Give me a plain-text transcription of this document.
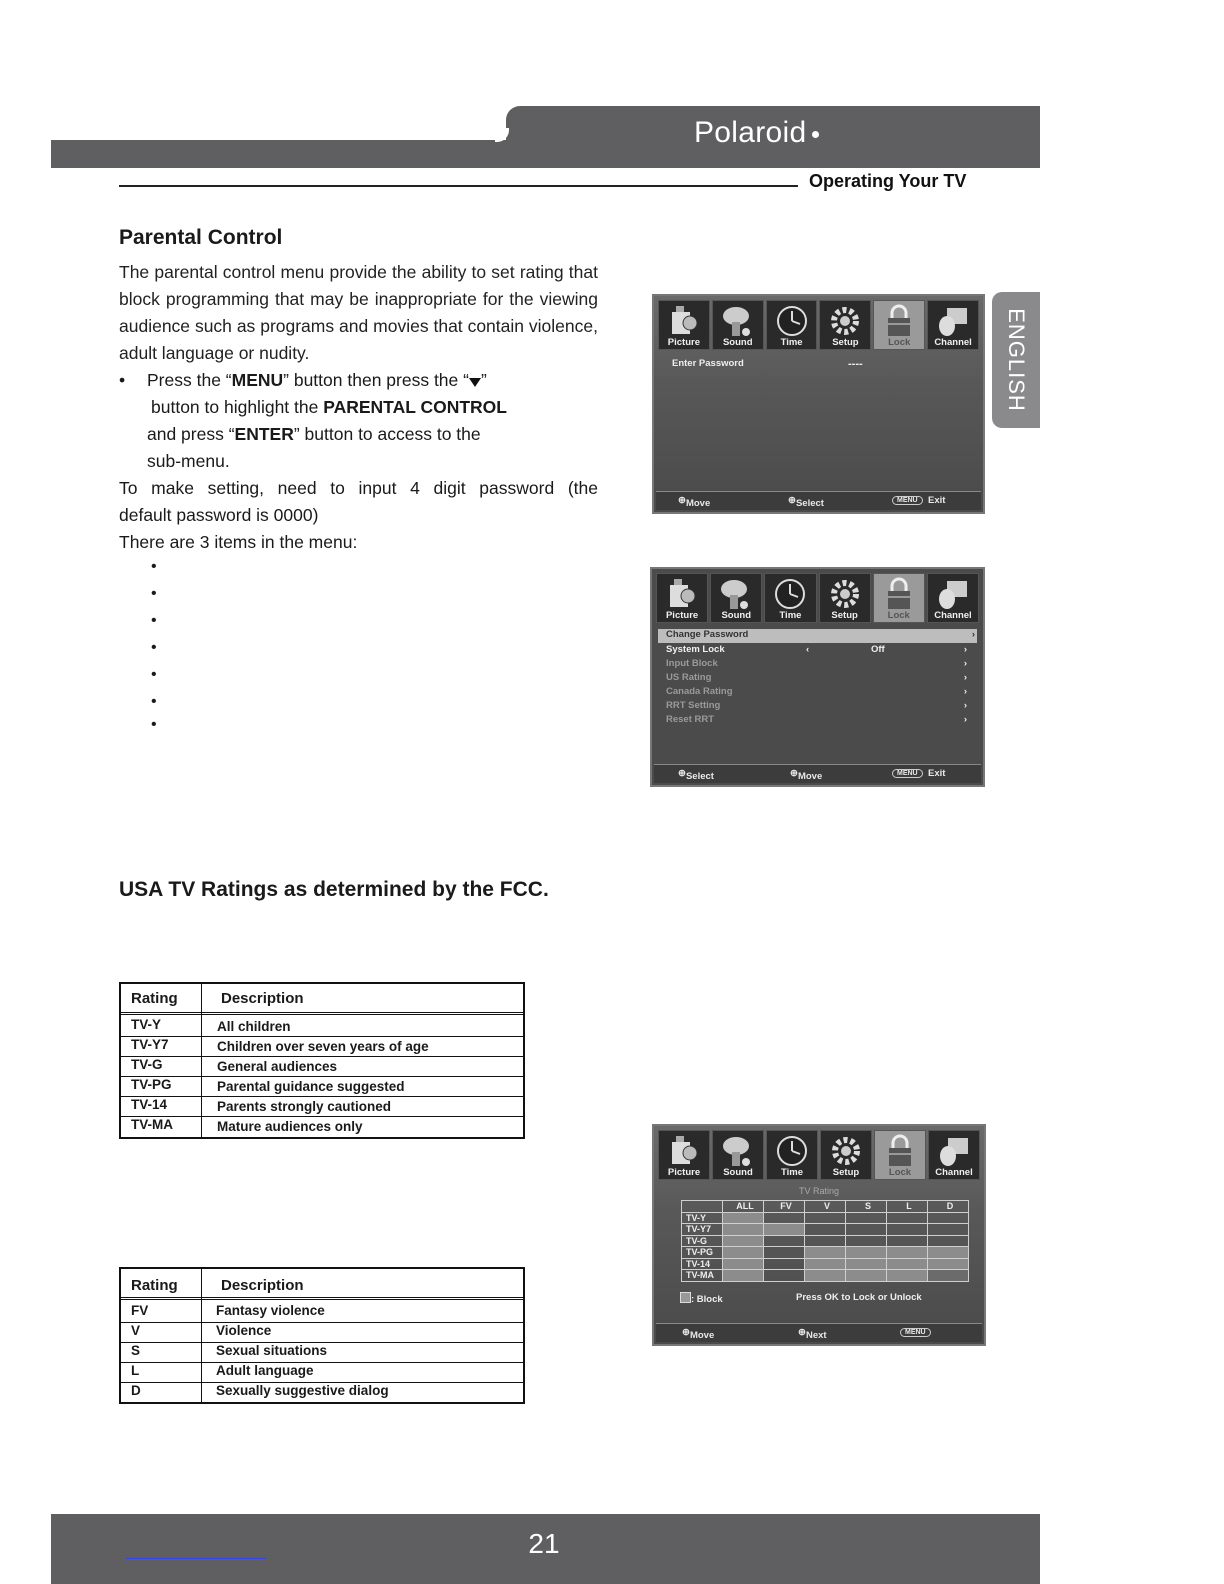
Polaroid
Operating Your TV
ENGLISH
Parental Control
The parental control menu provide the ability to set rating that block programming that may be inappropriate for the viewing audience such as programs and movies that contain violence, adult language or nudity.
• Press the “MENU” button then press the “ ”
button to highlight the PARENTAL CONTROL
and press “ENTER” button to access to the
sub-menu.
To make setting, need to input 4 digit password (the
default password is 0000)
There are 3 items in the menu:
•
•
•
•
•
•
•
USA TV Ratings as determined by the FCC.
Rating	Description
TV-Y	All children
TV-Y7	Children over seven years of age
TV-G	General audiences
TV-PG	Parental guidance suggested
TV-14	Parents strongly cautioned
TV-MA	Mature audiences only
Rating	Description
FV	Fantasy violence
V	Violence
S	Sexual situations
L	Adult language
D	Sexually suggestive dialog
Picture	Sound	Time	Setup	Lock	Channel
Enter Password	----
⊕ Move	⊕ Select	MENU	Exit
Picture	Sound	Time	Setup	Lock	Channel
Change Password	›
System Lock	‹	Off	›
Input Block	›
US Rating	›
Canada Rating	›
RRT Setting	›
Reset RRT	›
⊕ Select	⊕ Move	MENU	Exit
Picture	Sound	Time	Setup	Lock	Channel
TV Rating
	ALL	FV	V	S	L	D
TV-Y						
TV-Y7						
TV-G						
TV-PG						
TV-14						
TV-MA						
: Block	Press OK to Lock or Unlock
⊕ Move	⊕ Next	MENU
21
